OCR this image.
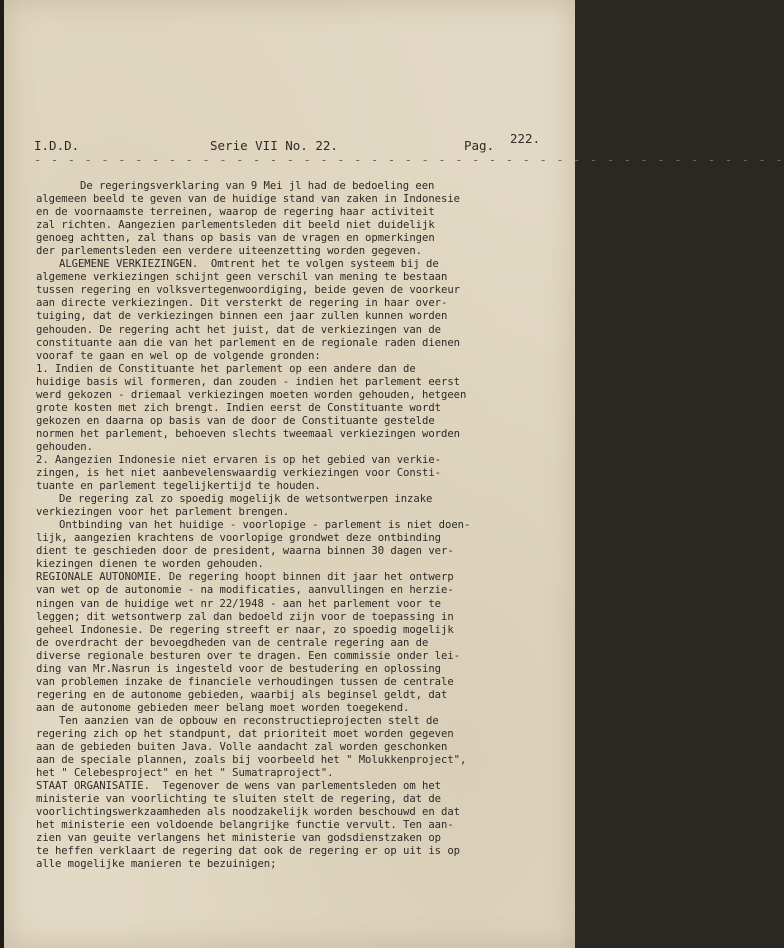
I.D.D.	Serie VII No. 22.	Pag. 222.
- - - - - - - - - - - - - - - - - - - - - - - - - - - - - - - - - - - - - - - - - - - - -
De regeringsverklaring van 9 Mei jl had de bedoeling een
algemeen beeld te geven van de huidige stand van zaken in Indonesie
en de voornaamste terreinen, waarop de regering haar activiteit
zal richten. Aangezien parlementsleden dit beeld niet duidelijk
genoeg achtten, zal thans op basis van de vragen en opmerkingen
der parlementsleden een verdere uiteenzetting worden gegeven.
ALGEMENE VERKIEZINGEN.  Omtrent het te volgen systeem bij de
algemene verkiezingen schijnt geen verschil van mening te bestaan
tussen regering en volksvertegenwoordiging, beide geven de voorkeur
aan directe verkiezingen. Dit versterkt de regering in haar over-
tuiging, dat de verkiezingen binnen een jaar zullen kunnen worden
gehouden. De regering acht het juist, dat de verkiezingen van de
constituante aan die van het parlement en de regionale raden dienen
vooraf te gaan en wel op de volgende gronden:
1. Indien de Constituante het parlement op een andere dan de
huidige basis wil formeren, dan zouden - indien het parlement eerst
werd gekozen - driemaal verkiezingen moeten worden gehouden, hetgeen
grote kosten met zich brengt. Indien eerst de Constituante wordt
gekozen en daarna op basis van de door de Constituante gestelde
normen het parlement, behoeven slechts tweemaal verkiezingen worden
gehouden.
2. Aangezien Indonesie niet ervaren is op het gebied van verkie-
zingen, is het niet aanbevelenswaardig verkiezingen voor Consti-
tuante en parlement tegelijkertijd te houden.
De regering zal zo spoedig mogelijk de wetsontwerpen inzake
verkiezingen voor het parlement brengen.
Ontbinding van het huidige - voorlopige - parlement is niet doen-
lijk, aangezien krachtens de voorlopige grondwet deze ontbinding
dient te geschieden door de president, waarna binnen 30 dagen ver-
kiezingen dienen te worden gehouden.
REGIONALE AUTONOMIE. De regering hoopt binnen dit jaar het ontwerp
van wet op de autonomie - na modificaties, aanvullingen en herzie-
ningen van de huidige wet nr 22/1948 - aan het parlement voor te
leggen; dit wetsontwerp zal dan bedoeld zijn voor de toepassing in
geheel Indonesie. De regering streeft er naar, zo spoedig mogelijk
de overdracht der bevoegdheden van de centrale regering aan de
diverse regionale besturen over te dragen. Een commissie onder lei-
ding van Mr.Nasrun is ingesteld voor de bestudering en oplossing
van problemen inzake de financiele verhoudingen tussen de centrale
regering en de autonome gebieden, waarbij als beginsel geldt, dat
aan de autonome gebieden meer belang moet worden toegekend.
Ten aanzien van de opbouw en reconstructieprojecten stelt de
regering zich op het standpunt, dat prioriteit moet worden gegeven
aan de gebieden buiten Java. Volle aandacht zal worden geschonken
aan de speciale plannen, zoals bij voorbeeld het " Molukkenproject",
het " Celebesproject" en het " Sumatraproject".
STAAT ORGANISATIE.  Tegenover de wens van parlementsleden om het
ministerie van voorlichting te sluiten stelt de regering, dat de
voorlichtingswerkzaamheden als noodzakelijk worden beschouwd en dat
het ministerie een voldoende belangrijke functie vervult. Ten aan-
zien van geuite verlangens het ministerie van godsdienstzaken op
te heffen verklaart de regering dat ook de regering er op uit is op
alle mogelijke manieren te bezuinigen;
